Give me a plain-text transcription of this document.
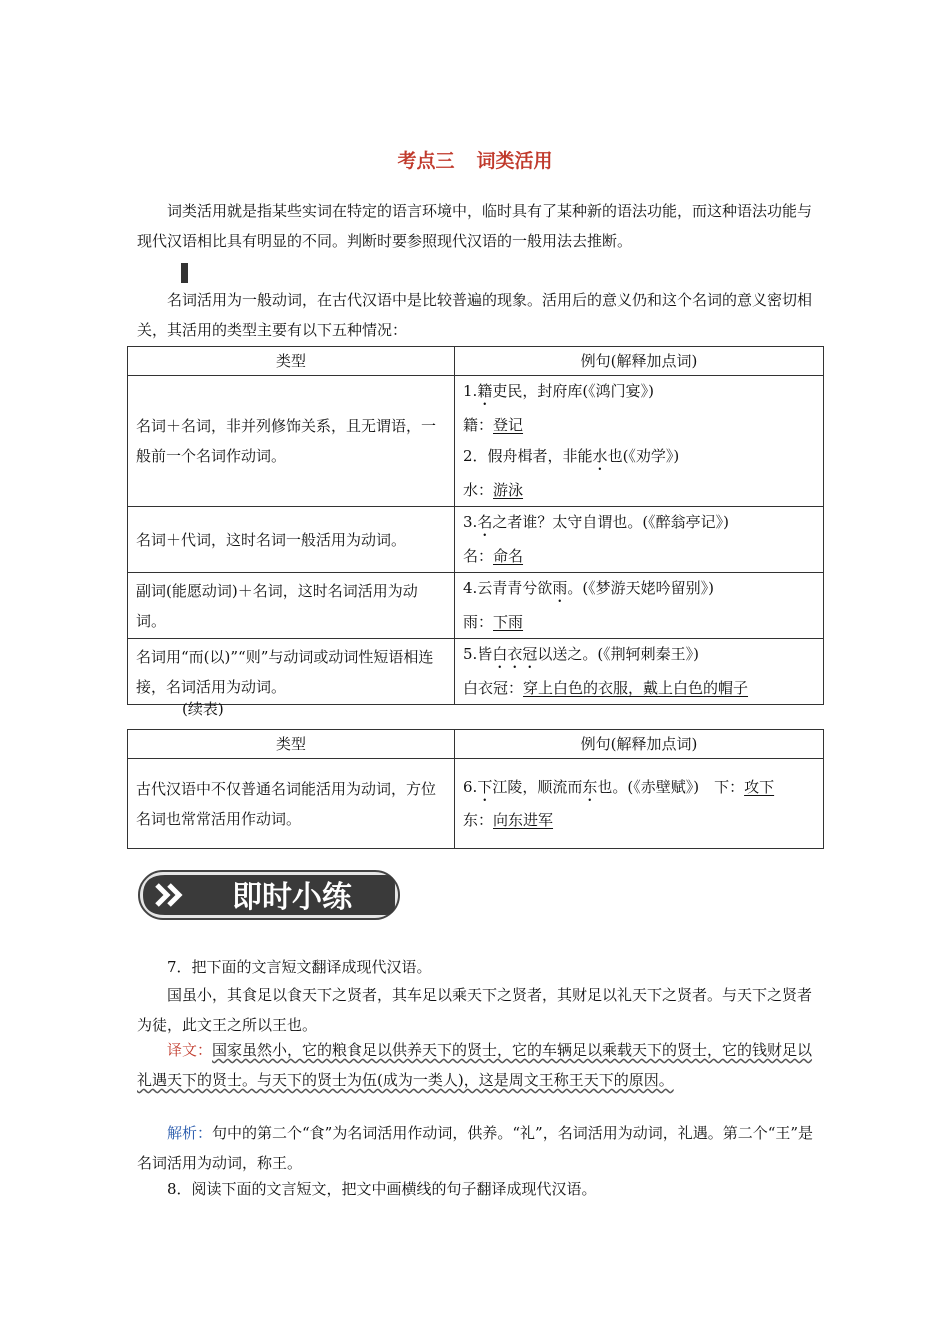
考点三 词类活用
词类活用就是指某些实词在特定的语言环境中，临时具有了某种新的语法功能，而这种语法功能与现代汉语相比具有明显的不同。判断时要参照现代汉语的一般用法去推断。
名词活用为一般动词，在古代汉语中是比较普遍的现象。活用后的意义仍和这个名词的意义密切相关，其活用的类型主要有以下五种情况：
类型	例句(解释加点词)
名词＋名词，非并列修饰关系，且无谓语，一般前一个名词作动词。	1.籍吏民，封府库(《鸿门宴》)
籍：登记
2．假舟楫者，非能水也(《劝学》)
水：游泳

名词＋代词，这时名词一般活用为动词。	3.名之者谁？太守自谓也。(《醉翁亭记》)
名：命名

副词(能愿动词)＋名词，这时名词活用为动词。	4.云青青兮欲雨。(《梦游天姥吟留别》)
雨：下雨

名词用“而(以)”“则”与动词或动词性短语相连接，名词活用为动词。	5.皆白衣冠以送之。(《荆轲刺秦王》)
白衣冠：穿上白色的衣服，戴上白色的帽子
(续表)
类型	例句(解释加点词)
古代汉语中不仅普通名词能活用为动词，方位名词也常常活用作动词。	6.下江陵，顺流而东也。(《赤壁赋》)　下：攻下
东：向东进军
即时小练
7．把下面的文言短文翻译成现代汉语。
国虽小，其食足以食天下之贤者，其车足以乘天下之贤者，其财足以礼天下之贤者。与天下之贤者为徒，此文王之所以王也。
译文：国家虽然小，它的粮食足以供养天下的贤士，它的车辆足以乘载天下的贤士，它的钱财足以礼遇天下的贤士。与天下的贤士为伍(成为一类人)，这是周文王称王天下的原因。
解析：句中的第二个“食”为名词活用作动词，供养。“礼”，名词活用为动词，礼遇。第二个“王”是名词活用为动词，称王。
8．阅读下面的文言短文，把文中画横线的句子翻译成现代汉语。
